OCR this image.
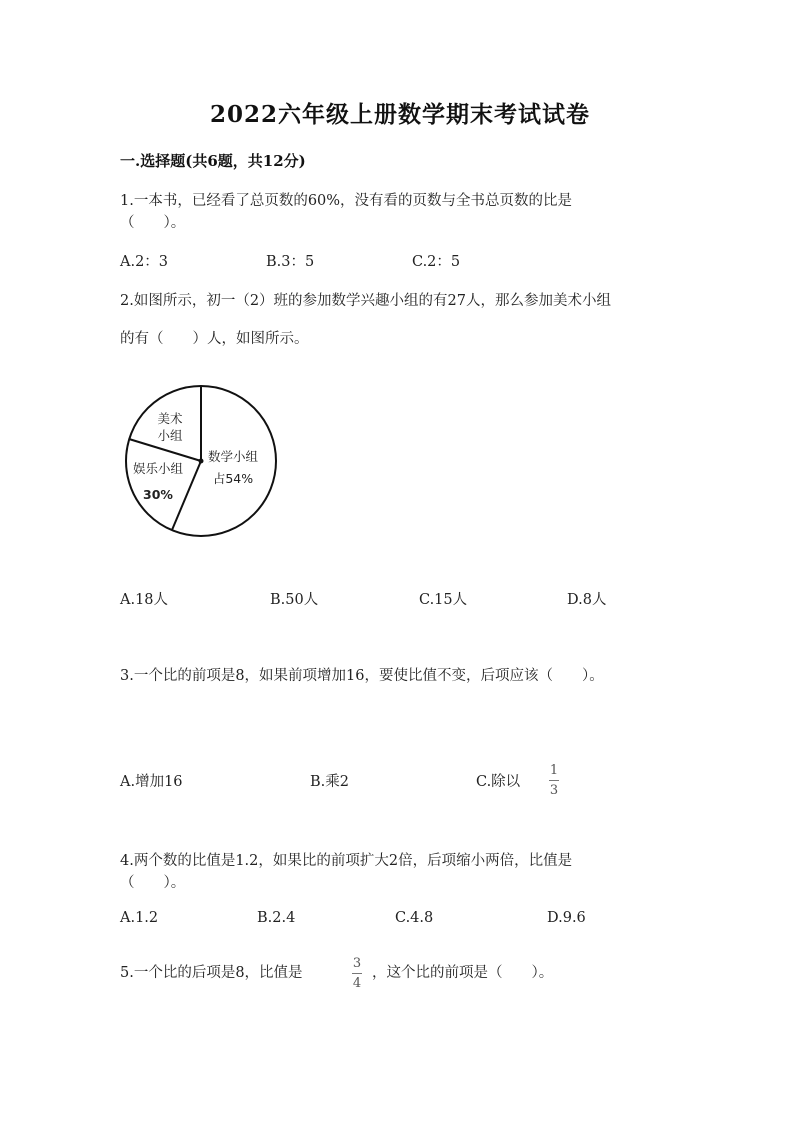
2022六年级上册数学期末考试试卷
一.选择题(共6题，共12分)
1.一本书，已经看了总页数的60%，没有看的页数与全书总页数的比是
（　　）。
A.2：3	B.3：5	C.2：5
2.如图所示，初一（2）班的参加数学兴趣小组的有27人，那么参加美术小组
的有（　　）人，如图所示。
美术
小组
娱乐小组
30%
数学小组
占54%
A.18人	B.50人	C.15人	D.8人
3.一个比的前项是8，如果前项增加16，要使比值不变，后项应该（　　）。
A.增加16	B.乘2	C.除以
1
3
4.两个数的比值是1.2，如果比的前项扩大2倍，后项缩小两倍，比值是
（　　）。
A.1.2	B.2.4	C.4.8	D.9.6
5.一个比的后项是8，比值是
3
4
，这个比的前项是（　　）。
